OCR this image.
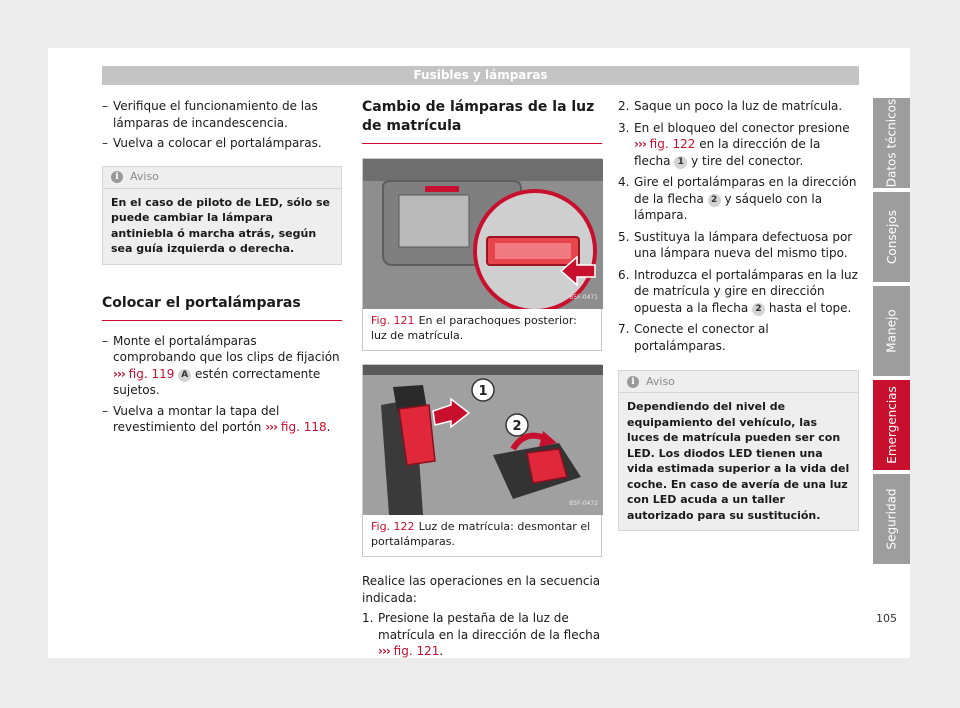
Fusibles y lámparas
– Verifique el funcionamiento de las lámparas de incandescencia.
– Vuelva a colocar el portalámparas.
i	Aviso
En el caso de piloto de LED, sólo se puede cambiar la lámpara antiniebla ó marcha atrás, según sea guía izquierda o derecha.
Colocar el portalámparas
– Monte el portalámparas comprobando que los clips de fijación ››› fig. 119 A estén correctamente sujetos.
– Vuelva a montar la tapa del revestimiento del portón ››› fig. 118.
Cambio de lámparas de la luz de matrícula
B5F-0471
Fig. 121 En el parachoques posterior: luz de matrícula.
1
2
B5F-0472
Fig. 122 Luz de matrícula: desmontar el portalámparas.
Realice las operaciones en la secuencia indicada:
1. Presione la pestaña de la luz de matrícula en la dirección de la flecha ››› fig. 121.
2. Saque un poco la luz de matrícula.
3. En el bloqueo del conector presione ››› fig. 122 en la dirección de la flecha 1 y tire del conector.
4. Gire el portalámparas en la dirección de la flecha 2 y sáquelo con la lámpara.
5. Sustituya la lámpara defectuosa por una lámpara nueva del mismo tipo.
6. Introduzca el portalámparas en la luz de matrícula y gire en dirección opuesta a la flecha 2 hasta el tope.
7. Conecte el conector al portalámparas.
i	Aviso
Dependiendo del nivel de equipamiento del vehículo, las luces de matrícula pueden ser con LED. Los diodos LED tienen una vida estimada superior a la vida del coche. En caso de avería de una luz con LED acuda a un taller autorizado para su sustitución.
Datos técnicos
Consejos
Manejo
Emergencias
Seguridad
105
